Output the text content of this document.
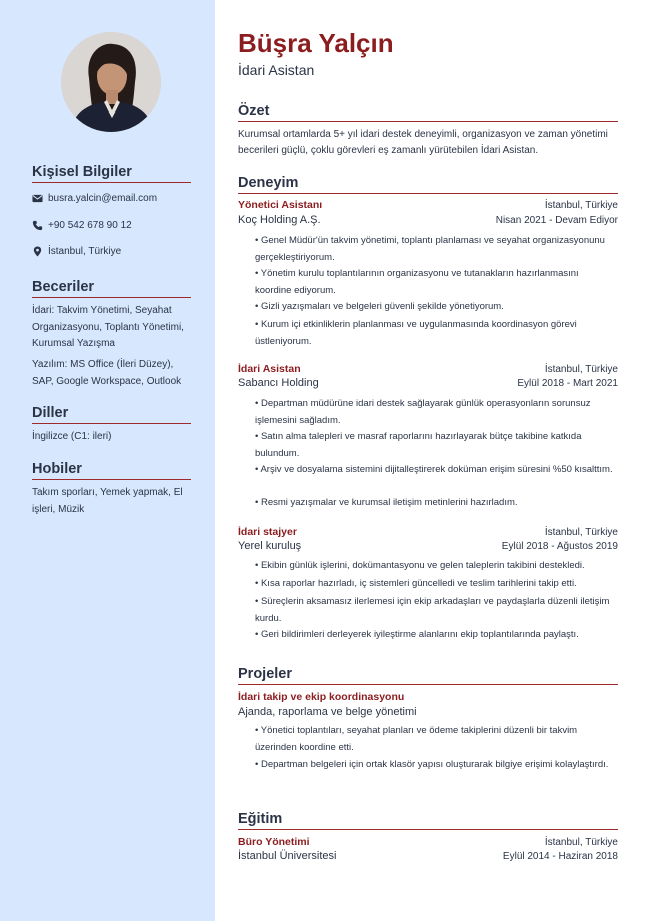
Kişisel Bilgiler
busra.yalcin@email.com
+90 542 678 90 12
İstanbul, Türkiye
Beceriler
İdari: Takvim Yönetimi, Seyahat Organizasyonu, Toplantı Yönetimi, Kurumsal Yazışma
Yazılım: MS Office (İleri Düzey), SAP, Google Workspace, Outlook
Diller
İngilizce (C1: ileri)
Hobiler
Takım sporları, Yemek yapmak, El işleri, Müzik
Büşra Yalçın
İdari Asistan
Özet
Kurumsal ortamlarda 5+ yıl idari destek deneyimli, organizasyon ve zaman yönetimi becerileri güçlü, çoklu görevleri eş zamanlı yürütebilen İdari Asistan.
Deneyim
Yönetici Asistanı	İstanbul, Türkiye
Koç Holding A.Ş.	Nisan 2021 - Devam Ediyor
• Genel Müdür'ün takvim yönetimi, toplantı planlaması ve seyahat organizasyonunu gerçekleştiriyorum.
• Yönetim kurulu toplantılarının organizasyonu ve tutanakların hazırlanmasını koordine ediyorum.
• Gizli yazışmaları ve belgeleri güvenli şekilde yönetiyorum.
• Kurum içi etkinliklerin planlanması ve uygulanmasında koordinasyon görevi üstleniyorum.
İdari Asistan	İstanbul, Türkiye
Sabancı Holding	Eylül 2018 - Mart 2021
• Departman müdürüne idari destek sağlayarak günlük operasyonların sorunsuz işlemesini sağladım.
• Satın alma talepleri ve masraf raporlarını hazırlayarak bütçe takibine katkıda bulundum.
• Arşiv ve dosyalama sistemini dijitalleştirerek doküman erişim süresini %50 kısalttım.
• Resmi yazışmalar ve kurumsal iletişim metinlerini hazırladım.
İdari stajyer	İstanbul, Türkiye
Yerel kuruluş	Eylül 2018 - Ağustos 2019
• Ekibin günlük işlerini, dokümantasyonu ve gelen taleplerin takibini destekledi.
• Kısa raporlar hazırladı, iç sistemleri güncelledi ve teslim tarihlerini takip etti.
• Süreçlerin aksamasız ilerlemesi için ekip arkadaşları ve paydaşlarla düzenli iletişim kurdu.
• Geri bildirimleri derleyerek iyileştirme alanlarını ekip toplantılarında paylaştı.
Projeler
İdari takip ve ekip koordinasyonu
Ajanda, raporlama ve belge yönetimi
• Yönetici toplantıları, seyahat planları ve ödeme takiplerini düzenli bir takvim üzerinden koordine etti.
• Departman belgeleri için ortak klasör yapısı oluşturarak bilgiye erişimi kolaylaştırdı.
Eğitim
Büro Yönetimi	İstanbul, Türkiye
İstanbul Üniversitesi	Eylül 2014 - Haziran 2018
